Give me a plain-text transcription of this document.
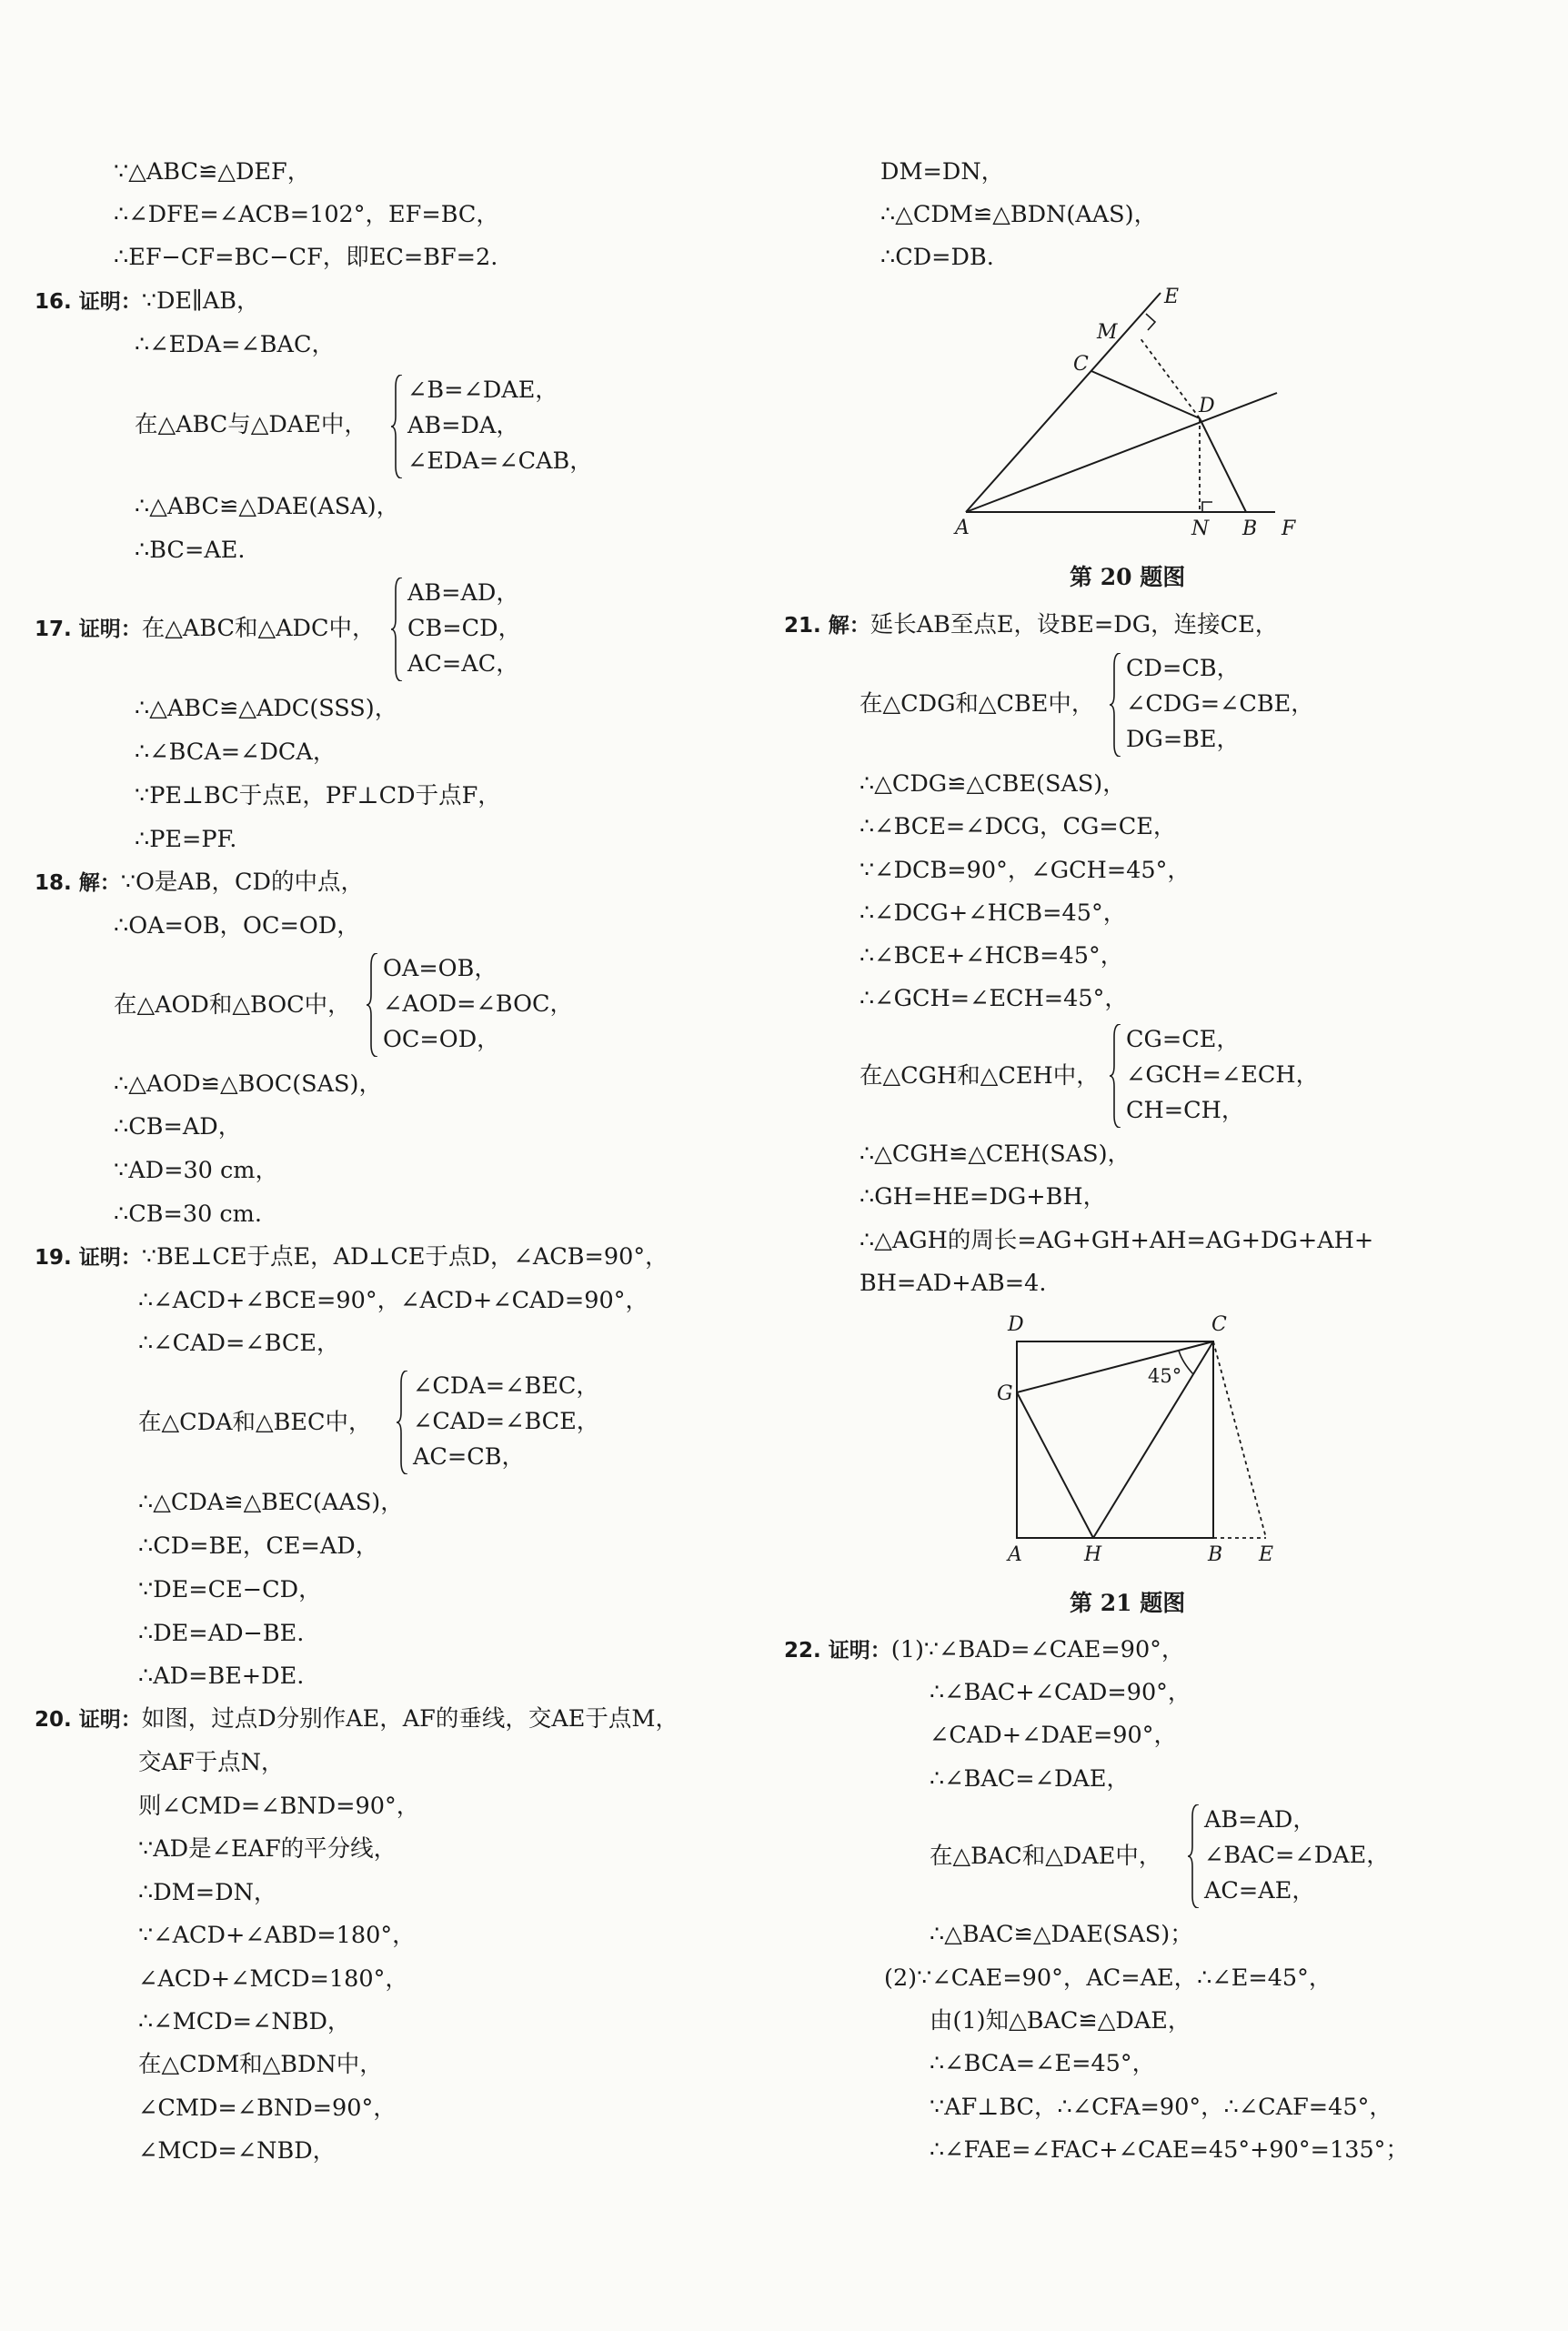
∵△ABC≌△DEF，
∴∠DFE=∠ACB=102°，EF=BC，
∴EF−CF=BC−CF，即EC=BF=2.
16. 证明：∵DE∥AB，
∴∠EDA=∠BAC，
在△ABC与△DAE中，
∠B=∠DAE，
AB=DA，
∠EDA=∠CAB，
∴△ABC≌△DAE(ASA)，
∴BC=AE.
17. 证明：在△ABC和△ADC中，
AB=AD，
CB=CD，
AC=AC，
∴△ABC≌△ADC(SSS)，
∴∠BCA=∠DCA，
∵PE⊥BC于点E，PF⊥CD于点F，
∴PE=PF.
18. 解：∵O是AB，CD的中点，
∴OA=OB，OC=OD，
在△AOD和△BOC中，
OA=OB，
∠AOD=∠BOC，
OC=OD，
∴△AOD≌△BOC(SAS)，
∴CB=AD，
∵AD=30 cm，
∴CB=30 cm.
19. 证明：∵BE⊥CE于点E，AD⊥CE于点D，∠ACB=90°，
∴∠ACD+∠BCE=90°，∠ACD+∠CAD=90°，
∴∠CAD=∠BCE，
在△CDA和△BEC中，
∠CDA=∠BEC，
∠CAD=∠BCE，
AC=CB，
∴△CDA≌△BEC(AAS)，
∴CD=BE，CE=AD，
∵DE=CE−CD，
∴DE=AD−BE.
∴AD=BE+DE.
20. 证明：如图，过点D分别作AE，AF的垂线，交AE于点M，
交AF于点N，
则∠CMD=∠BND=90°，
∵AD是∠EAF的平分线，
∴DM=DN，
∵∠ACD+∠ABD=180°，
∠ACD+∠MCD=180°，
∴∠MCD=∠NBD，
在△CDM和△BDN中，
∠CMD=∠BND=90°，
∠MCD=∠NBD，
DM=DN，
∴△CDM≌△BDN(AAS)，
∴CD=DB.
A
C
M
E
D
N B F
第 20 题图
21. 解：延长AB至点E，设BE=DG，连接CE，
在△CDG和△CBE中，
CD=CB，
∠CDG=∠CBE，
DG=BE，
∴△CDG≌△CBE(SAS)，
∴∠BCE=∠DCG，CG=CE，
∵∠DCB=90°，∠GCH=45°，
∴∠DCG+∠HCB=45°，
∴∠BCE+∠HCB=45°，
∴∠GCH=∠ECH=45°，
在△CGH和△CEH中，
CG=CE，
∠GCH=∠ECH，
CH=CH，
∴△CGH≌△CEH(SAS)，
∴GH=HE=DG+BH，
∴△AGH的周长=AG+GH+AH=AG+DG+AH+
BH=AD+AB=4.
D	C
G
A	H	B E
45°
第 21 题图
22. 证明：(1)∵∠BAD=∠CAE=90°，
∴∠BAC+∠CAD=90°，
∠CAD+∠DAE=90°，
∴∠BAC=∠DAE，
在△BAC和△DAE中，
AB=AD，
∠BAC=∠DAE，
AC=AE，
∴△BAC≌△DAE(SAS)；
(2)∵∠CAE=90°，AC=AE，∴∠E=45°，
由(1)知△BAC≌△DAE，
∴∠BCA=∠E=45°，
∵AF⊥BC，∴∠CFA=90°，∴∠CAF=45°，
∴∠FAE=∠FAC+∠CAE=45°+90°=135°；
